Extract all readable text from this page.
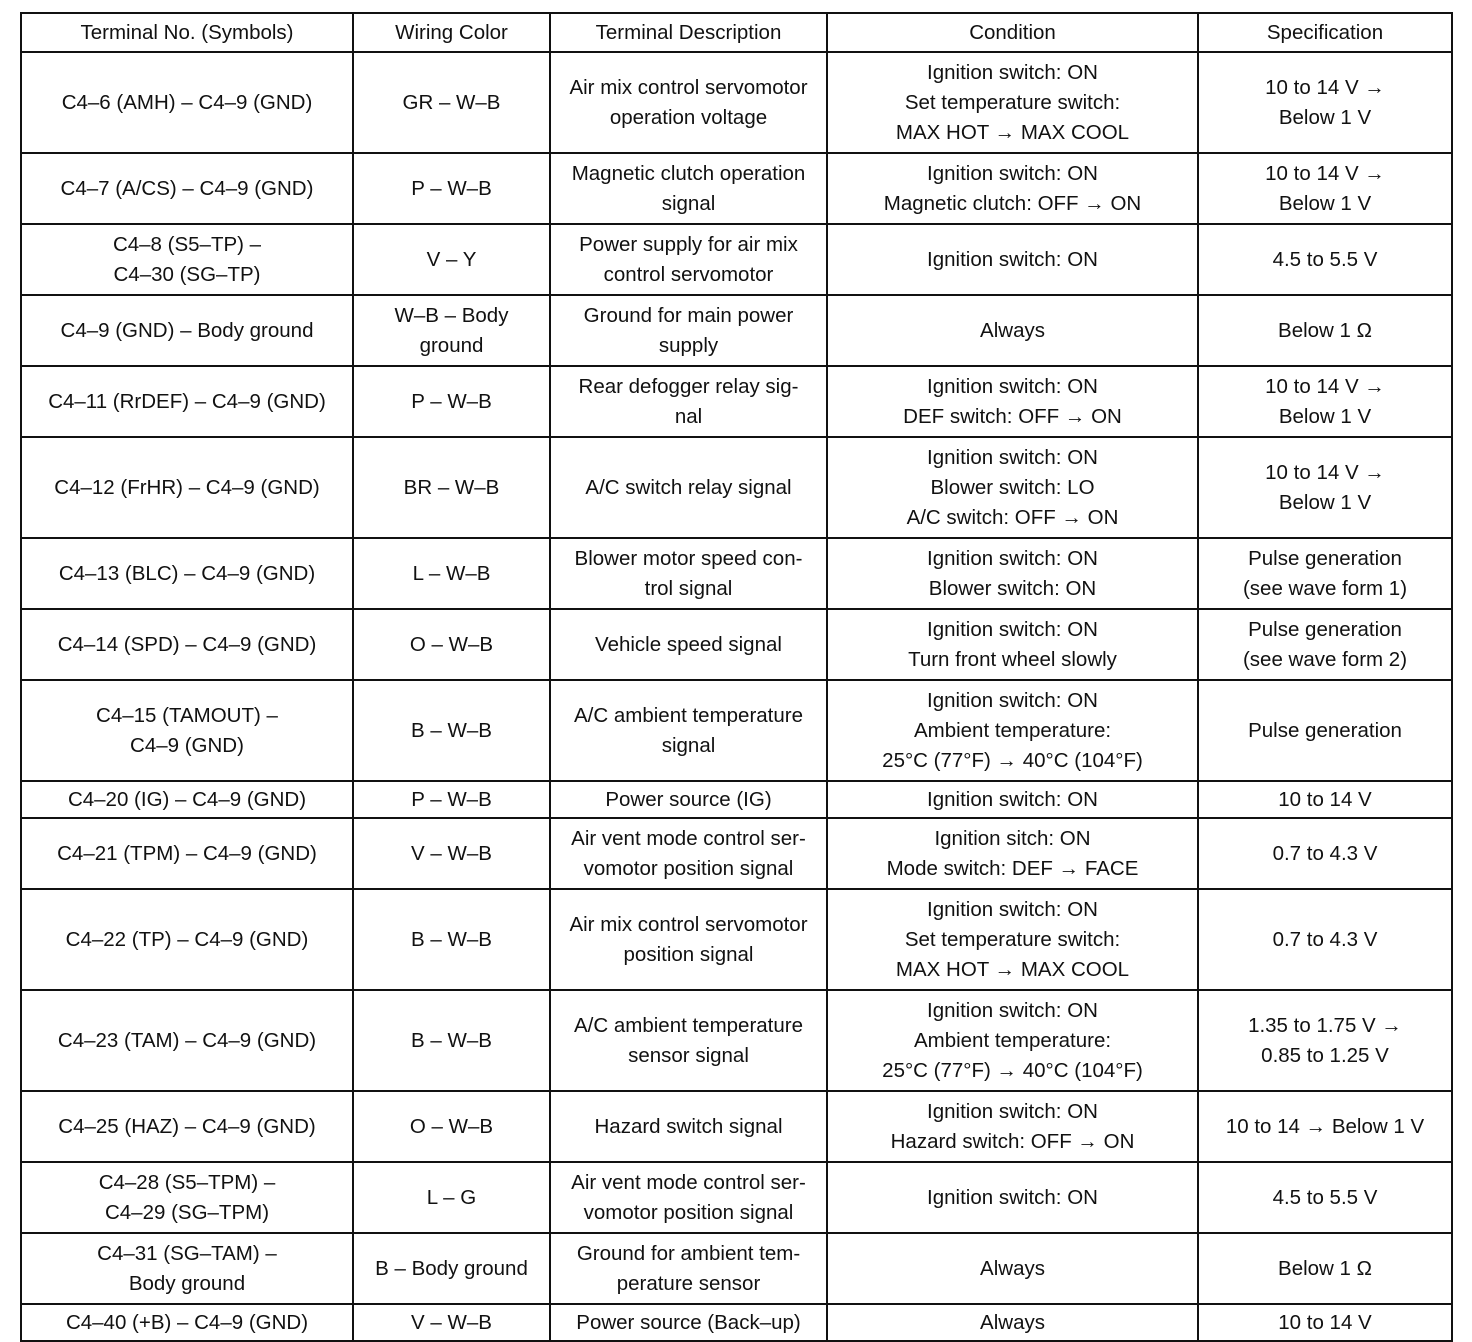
Terminal No. (Symbols)	Wiring Color	Terminal Description	Condition	Specification
C4–6 (AMH) – C4–9 (GND)	GR – W–B	Air mix control servomotor
operation voltage	Ignition switch: ON
Set temperature switch:
MAX HOT → MAX COOL	10 to 14 V →
Below 1 V
C4–7 (A/CS) – C4–9 (GND)	P – W–B	Magnetic clutch operation
signal	Ignition switch: ON
Magnetic clutch: OFF → ON	10 to 14 V →
Below 1 V
C4–8 (S5–TP) –
C4–30 (SG–TP)	V – Y	Power supply for air mix
control servomotor	Ignition switch: ON	4.5 to 5.5 V
C4–9 (GND) – Body ground	W–B – Body
ground	Ground for main power
supply	Always	Below 1 Ω
C4–11 (RrDEF) – C4–9 (GND)	P – W–B	Rear defogger relay sig-
nal	Ignition switch: ON
DEF switch: OFF → ON	10 to 14 V →
Below 1 V
C4–12 (FrHR) – C4–9 (GND)	BR – W–B	A/C switch relay signal	Ignition switch: ON
Blower switch: LO
A/C switch: OFF → ON	10 to 14 V →
Below 1 V
C4–13 (BLC) – C4–9 (GND)	L – W–B	Blower motor speed con-
trol signal	Ignition switch: ON
Blower switch: ON	Pulse generation
(see wave form 1)
C4–14 (SPD) – C4–9 (GND)	O – W–B	Vehicle speed signal	Ignition switch: ON
Turn front wheel slowly	Pulse generation
(see wave form 2)
C4–15 (TAMOUT) –
C4–9 (GND)	B – W–B	A/C ambient temperature
signal	Ignition switch: ON
Ambient temperature:
25°C (77°F) → 40°C (104°F)	Pulse generation
C4–20 (IG) – C4–9 (GND)	P – W–B	Power source (IG)	Ignition switch: ON	10 to 14 V
C4–21 (TPM) – C4–9 (GND)	V – W–B	Air vent mode control ser-
vomotor position signal	Ignition sitch: ON
Mode switch: DEF → FACE	0.7 to 4.3 V
C4–22 (TP) – C4–9 (GND)	B – W–B	Air mix control servomotor
position signal	Ignition switch: ON
Set temperature switch:
MAX HOT → MAX COOL	0.7 to 4.3 V
C4–23 (TAM) – C4–9 (GND)	B – W–B	A/C ambient temperature
sensor signal	Ignition switch: ON
Ambient temperature:
25°C (77°F) → 40°C (104°F)	1.35 to 1.75 V →
0.85 to 1.25 V
C4–25 (HAZ) – C4–9 (GND)	O – W–B	Hazard switch signal	Ignition switch: ON
Hazard switch: OFF → ON	10 to 14 → Below 1 V
C4–28 (S5–TPM) –
C4–29 (SG–TPM)	L – G	Air vent mode control ser-
vomotor position signal	Ignition switch: ON	4.5 to 5.5 V
C4–31 (SG–TAM) –
Body ground	B – Body ground	Ground for ambient tem-
perature sensor	Always	Below 1 Ω
C4–40 (+B) – C4–9 (GND)	V – W–B	Power source (Back–up)	Always	10 to 14 V
